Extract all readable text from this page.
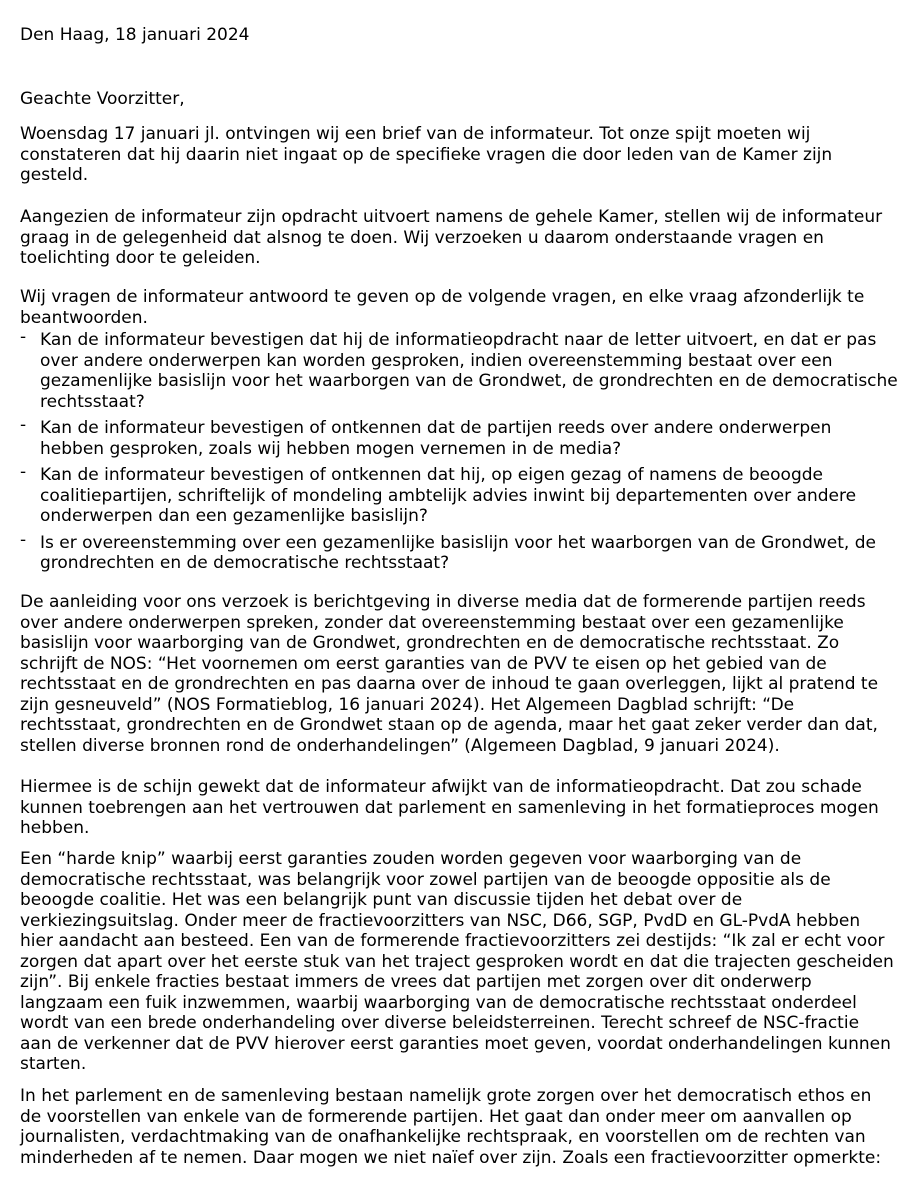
Den Haag, 18 januari 2024
Geachte Voorzitter,

Woensdag 17 januari jl. ontvingen wij een brief van de informateur. Tot onze spijt moeten wij constateren dat hij daarin niet ingaat op de specifieke vragen die door leden van de Kamer zijn gesteld.

Aangezien de informateur zijn opdracht uitvoert namens de gehele Kamer, stellen wij de informateur graag in de gelegenheid dat alsnog te doen. Wij verzoeken u daarom onderstaande vragen en toelichting door te geleiden.

Wij vragen de informateur antwoord te geven op de volgende vragen, en elke vraag afzonderlijk te beantwoorden.

- Kan de informateur bevestigen dat hij de informatieopdracht naar de letter uitvoert, en dat er pas over andere onderwerpen kan worden gesproken, indien overeenstemming bestaat over een gezamenlijke basislijn voor het waarborgen van de Grondwet, de grondrechten en de democratische rechtsstaat?
- Kan de informateur bevestigen of ontkennen dat de partijen reeds over andere onderwerpen hebben gesproken, zoals wij hebben mogen vernemen in de media?
- Kan de informateur bevestigen of ontkennen dat hij, op eigen gezag of namens de beoogde coalitiepartijen, schriftelijk of mondeling ambtelijk advies inwint bij departementen over andere onderwerpen dan een gezamenlijke basislijn?
- Is er overeenstemming over een gezamenlijke basislijn voor het waarborgen van de Grondwet, de grondrechten en de democratische rechtsstaat?

De aanleiding voor ons verzoek is berichtgeving in diverse media dat de formerende partijen reeds over andere onderwerpen spreken, zonder dat overeenstemming bestaat over een gezamenlijke basislijn voor waarborging van de Grondwet, grondrechten en de democratische rechtsstaat. Zo schrijft de NOS: “Het voornemen om eerst garanties van de PVV te eisen op het gebied van de rechtsstaat en de grondrechten en pas daarna over de inhoud te gaan overleggen, lijkt al pratend te zijn gesneuveld” (NOS Formatieblog, 16 januari 2024). Het Algemeen Dagblad schrijft: “De rechtsstaat, grondrechten en de Grondwet staan op de agenda, maar het gaat zeker verder dan dat, stellen diverse bronnen rond de onderhandelingen” (Algemeen Dagblad, 9 januari 2024).

Hiermee is de schijn gewekt dat de informateur afwijkt van de informatieopdracht. Dat zou schade kunnen toebrengen aan het vertrouwen dat parlement en samenleving in het formatieproces mogen hebben.

Een “harde knip” waarbij eerst garanties zouden worden gegeven voor waarborging van de democratische rechtsstaat, was belangrijk voor zowel partijen van de beoogde oppositie als de beoogde coalitie. Het was een belangrijk punt van discussie tijden het debat over de verkiezingsuitslag. Onder meer de fractievoorzitters van NSC, D66, SGP, PvdD en GL-PvdA hebben hier aandacht aan besteed. Een van de formerende fractievoorzitters zei destijds: “Ik zal er echt voor zorgen dat apart over het eerste stuk van het traject gesproken wordt en dat die trajecten gescheiden zijn”. Bij enkele fracties bestaat immers de vrees dat partijen met zorgen over dit onderwerp langzaam een fuik inzwemmen, waarbij waarborging van de democratische rechtsstaat onderdeel wordt van een brede onderhandeling over diverse beleidsterreinen. Terecht schreef de NSC-fractie aan de verkenner dat de PVV hierover eerst garanties moet geven, voordat onderhandelingen kunnen starten.

In het parlement en de samenleving bestaan namelijk grote zorgen over het democratisch ethos en de voorstellen van enkele van de formerende partijen. Het gaat dan onder meer om aanvallen op journalisten, verdachtmaking van de onafhankelijke rechtspraak, en voorstellen om de rechten van minderheden af te nemen. Daar mogen we niet naïef over zijn. Zoals een fractievoorzitter opmerkte:
